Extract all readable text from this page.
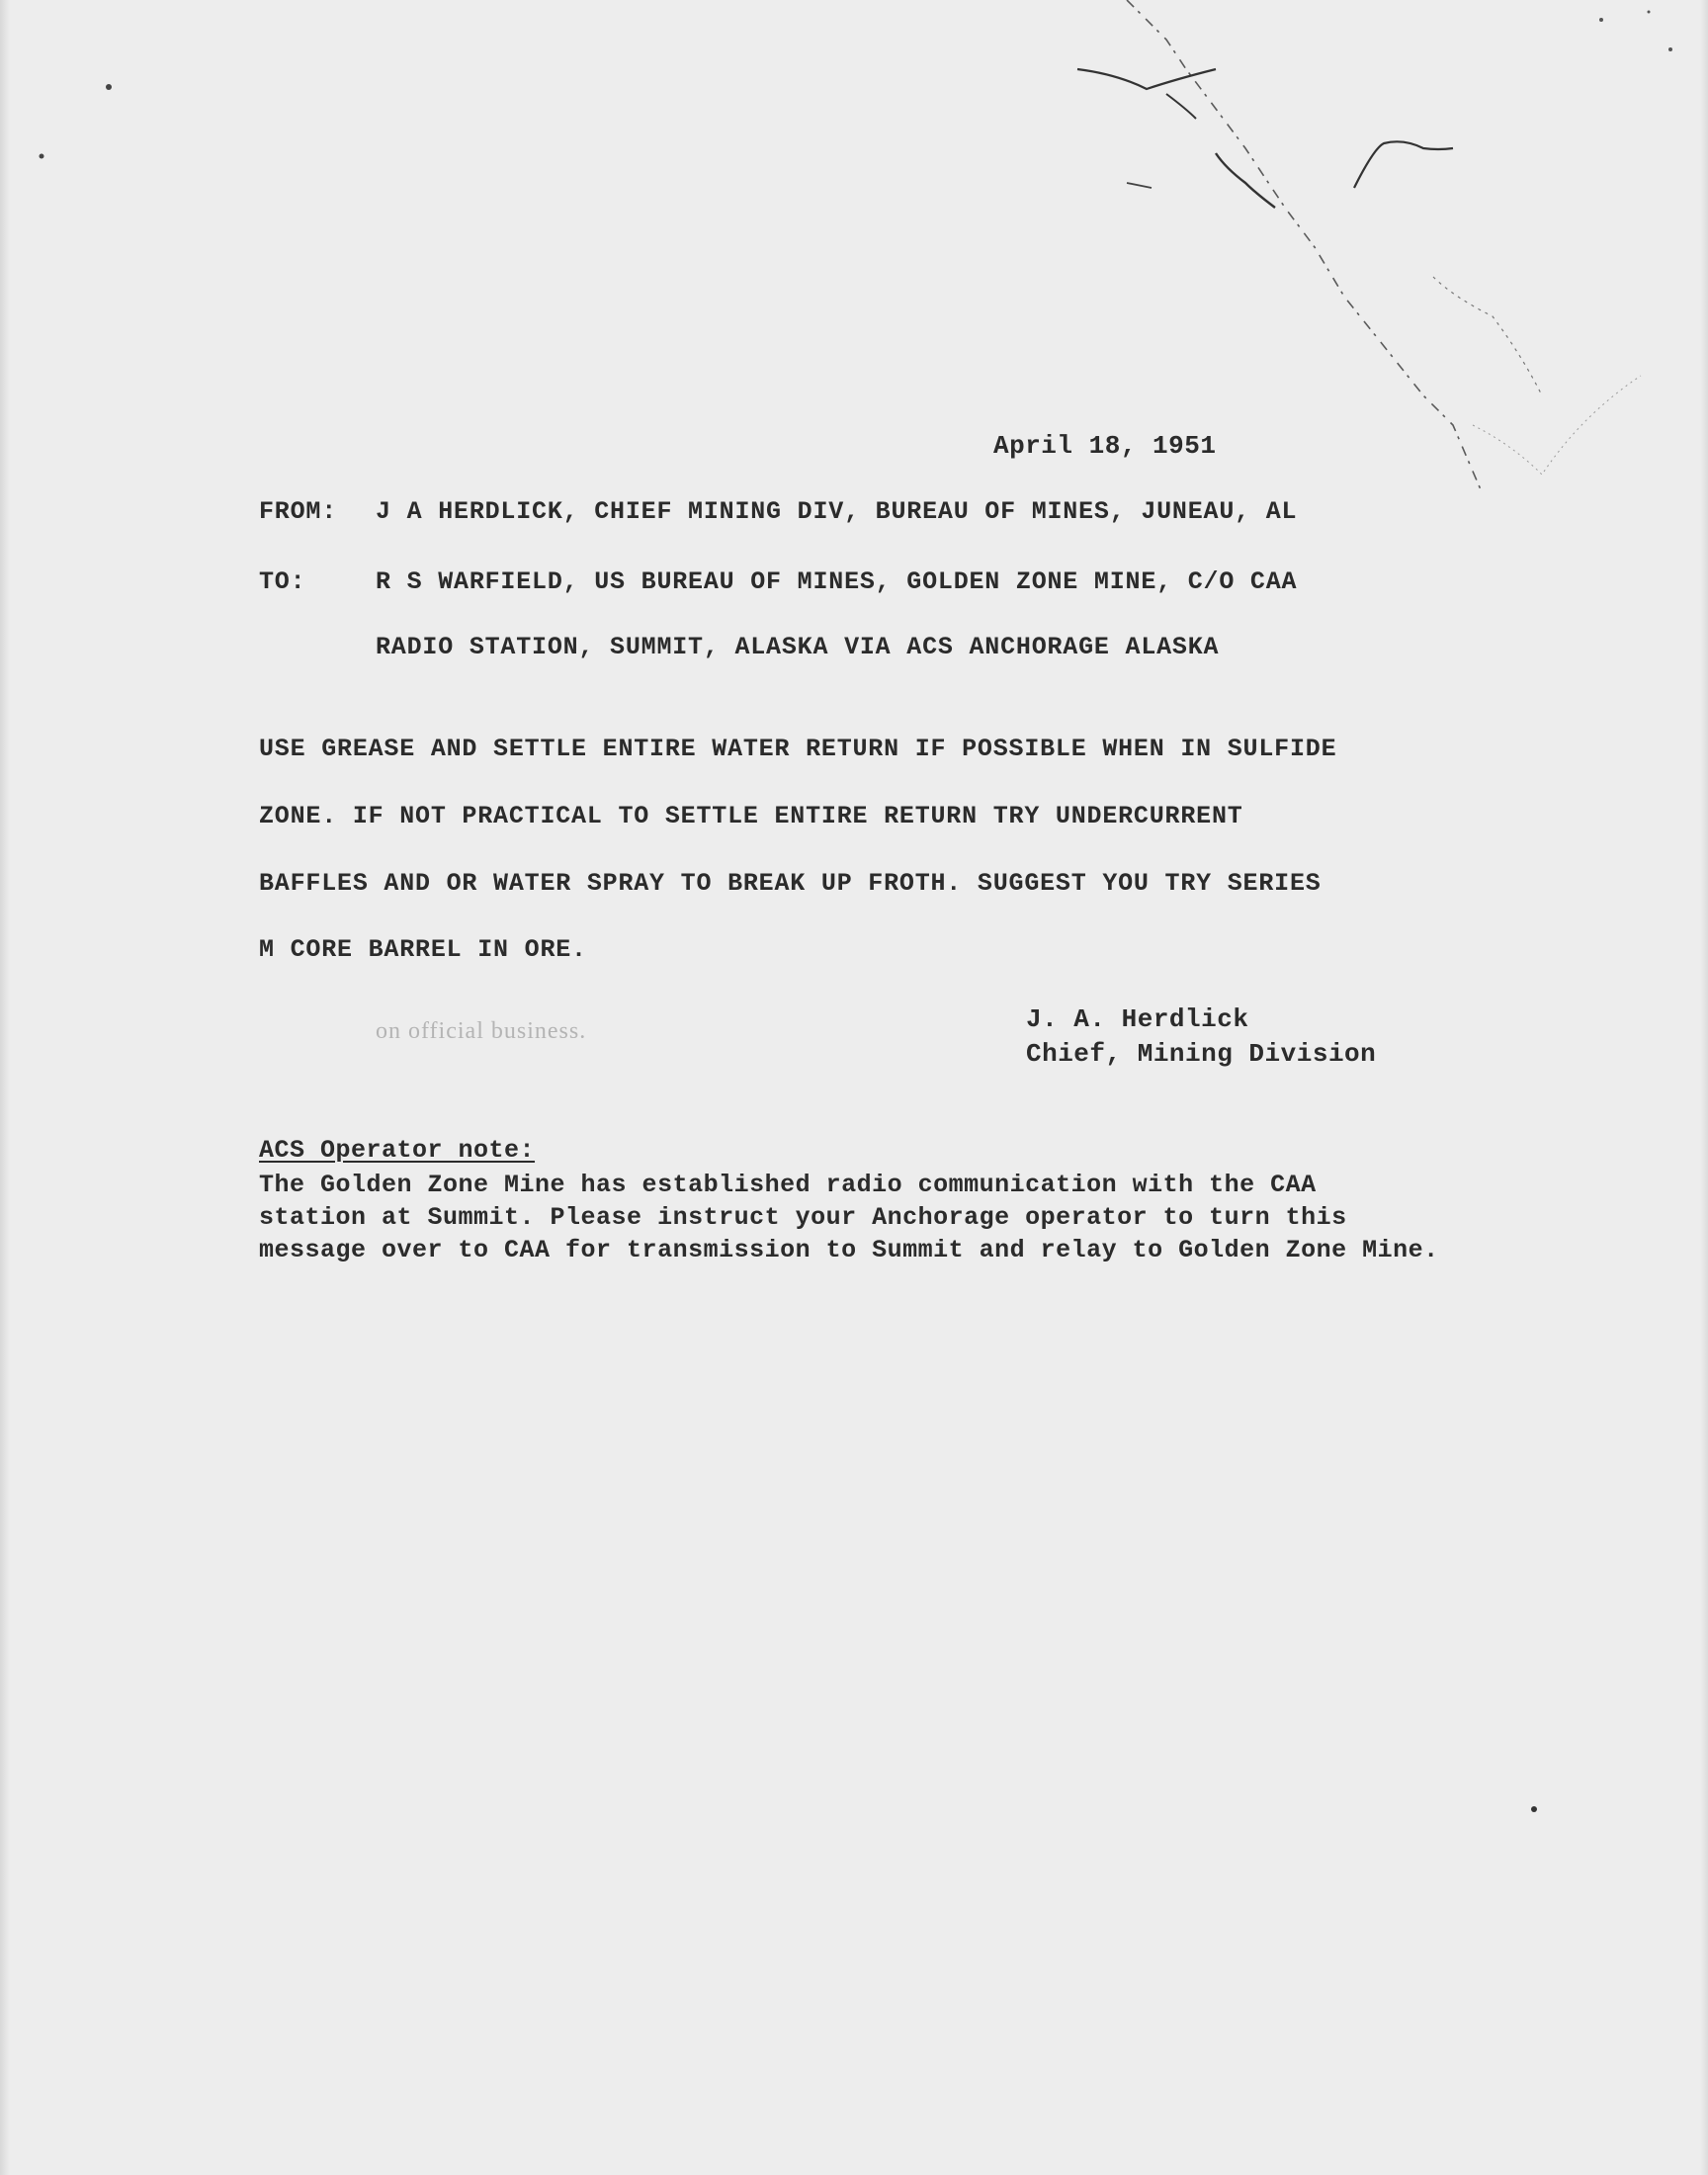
April 18, 1951
FROM: J A HERDLICK, CHIEF MINING DIV, BUREAU OF MINES, JUNEAU, AL
TO:	R S WARFIELD, US BUREAU OF MINES, GOLDEN ZONE MINE, C/O CAA
RADIO STATION, SUMMIT, ALASKA VIA ACS ANCHORAGE ALASKA
USE GREASE AND SETTLE ENTIRE WATER RETURN IF POSSIBLE WHEN IN SULFIDE
ZONE. IF NOT PRACTICAL TO SETTLE ENTIRE RETURN TRY UNDERCURRENT
BAFFLES AND OR WATER SPRAY TO BREAK UP FROTH. SUGGEST YOU TRY SERIES
M CORE BARREL IN ORE.
J. A. Herdlick
Chief, Mining Division
on official business.
ACS Operator note:
The Golden Zone Mine has established radio communication with the CAA
station at Summit. Please instruct your Anchorage operator to turn this
message over to CAA for transmission to Summit and relay to Golden Zone Mine.
